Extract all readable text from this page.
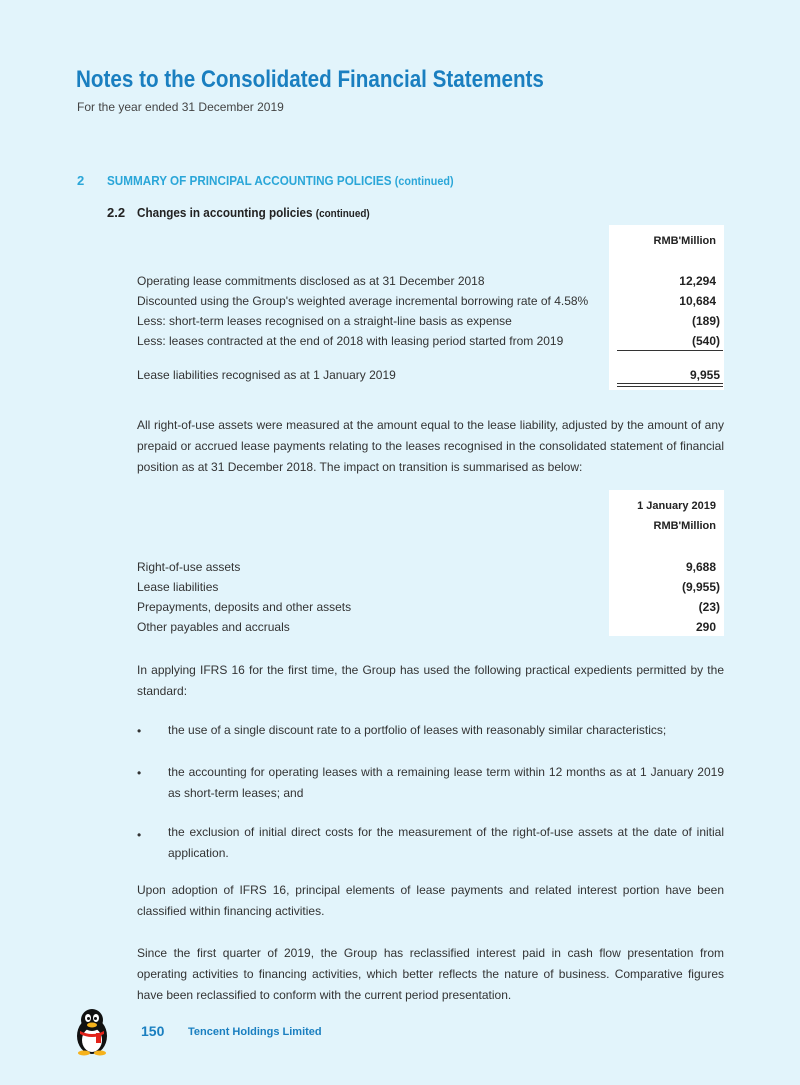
Notes to the Consolidated Financial Statements
For the year ended 31 December 2019
2 SUMMARY OF PRINCIPAL ACCOUNTING POLICIES (continued)
2.2 Changes in accounting policies (continued)
RMB'Million
Operating lease commitments disclosed as at 31 December 2018	12,294
Discounted using the Group's weighted average incremental borrowing rate of 4.58%	10,684
Less: short-term leases recognised on a straight-line basis as expense	(189)
Less: leases contracted at the end of 2018 with leasing period started from 2019	(540)
Lease liabilities recognised as at 1 January 2019	9,955

All right-of-use assets were measured at the amount equal to the lease liability, adjusted by the amount of any prepaid or accrued lease payments relating to the leases recognised in the consolidated statement of financial position as at 31 December 2018. The impact on transition is summarised as below:

1 January 2019
RMB'Million
Right-of-use assets	9,688
Lease liabilities	(9,955)
Prepayments, deposits and other assets	(23)
Other payables and accruals	290

In applying IFRS 16 for the first time, the Group has used the following practical expedients permitted by the standard:

• the use of a single discount rate to a portfolio of leases with reasonably similar characteristics;

• the accounting for operating leases with a remaining lease term within 12 months as at 1 January 2019 as short-term leases; and

• the exclusion of initial direct costs for the measurement of the right-of-use assets at the date of initial application.

Upon adoption of IFRS 16, principal elements of lease payments and related interest portion have been classified within financing activities.

Since the first quarter of 2019, the Group has reclassified interest paid in cash flow presentation from operating activities to financing activities, which better reflects the nature of business. Comparative figures have been reclassified to conform with the current period presentation.

150 Tencent Holdings Limited
